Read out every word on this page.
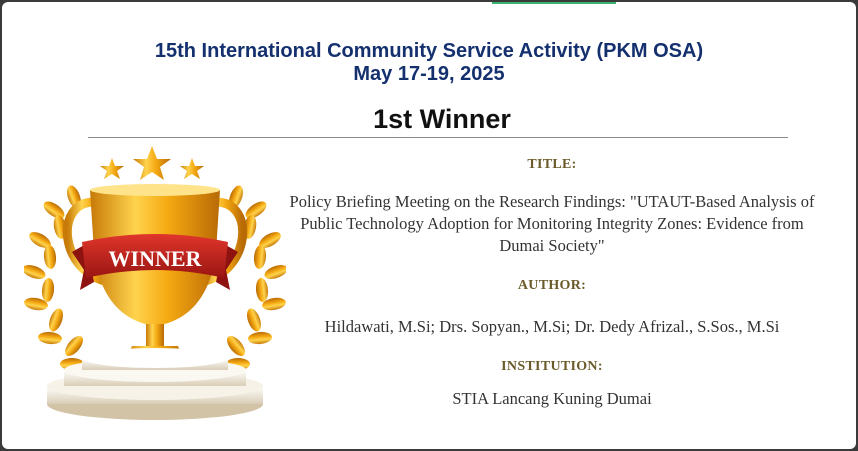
15th International Community Service Activity (PKM OSA)
May 17-19, 2025
1st Winner
WINNER
TITLE:
Policy Briefing Meeting on the Research Findings: "UTAUT-Based Analysis of Public Technology Adoption for Monitoring Integrity Zones: Evidence from Dumai Society"
AUTHOR:
Hildawati, M.Si; Drs. Sopyan., M.Si; Dr. Dedy Afrizal., S.Sos., M.Si
INSTITUTION:
STIA Lancang Kuning Dumai
